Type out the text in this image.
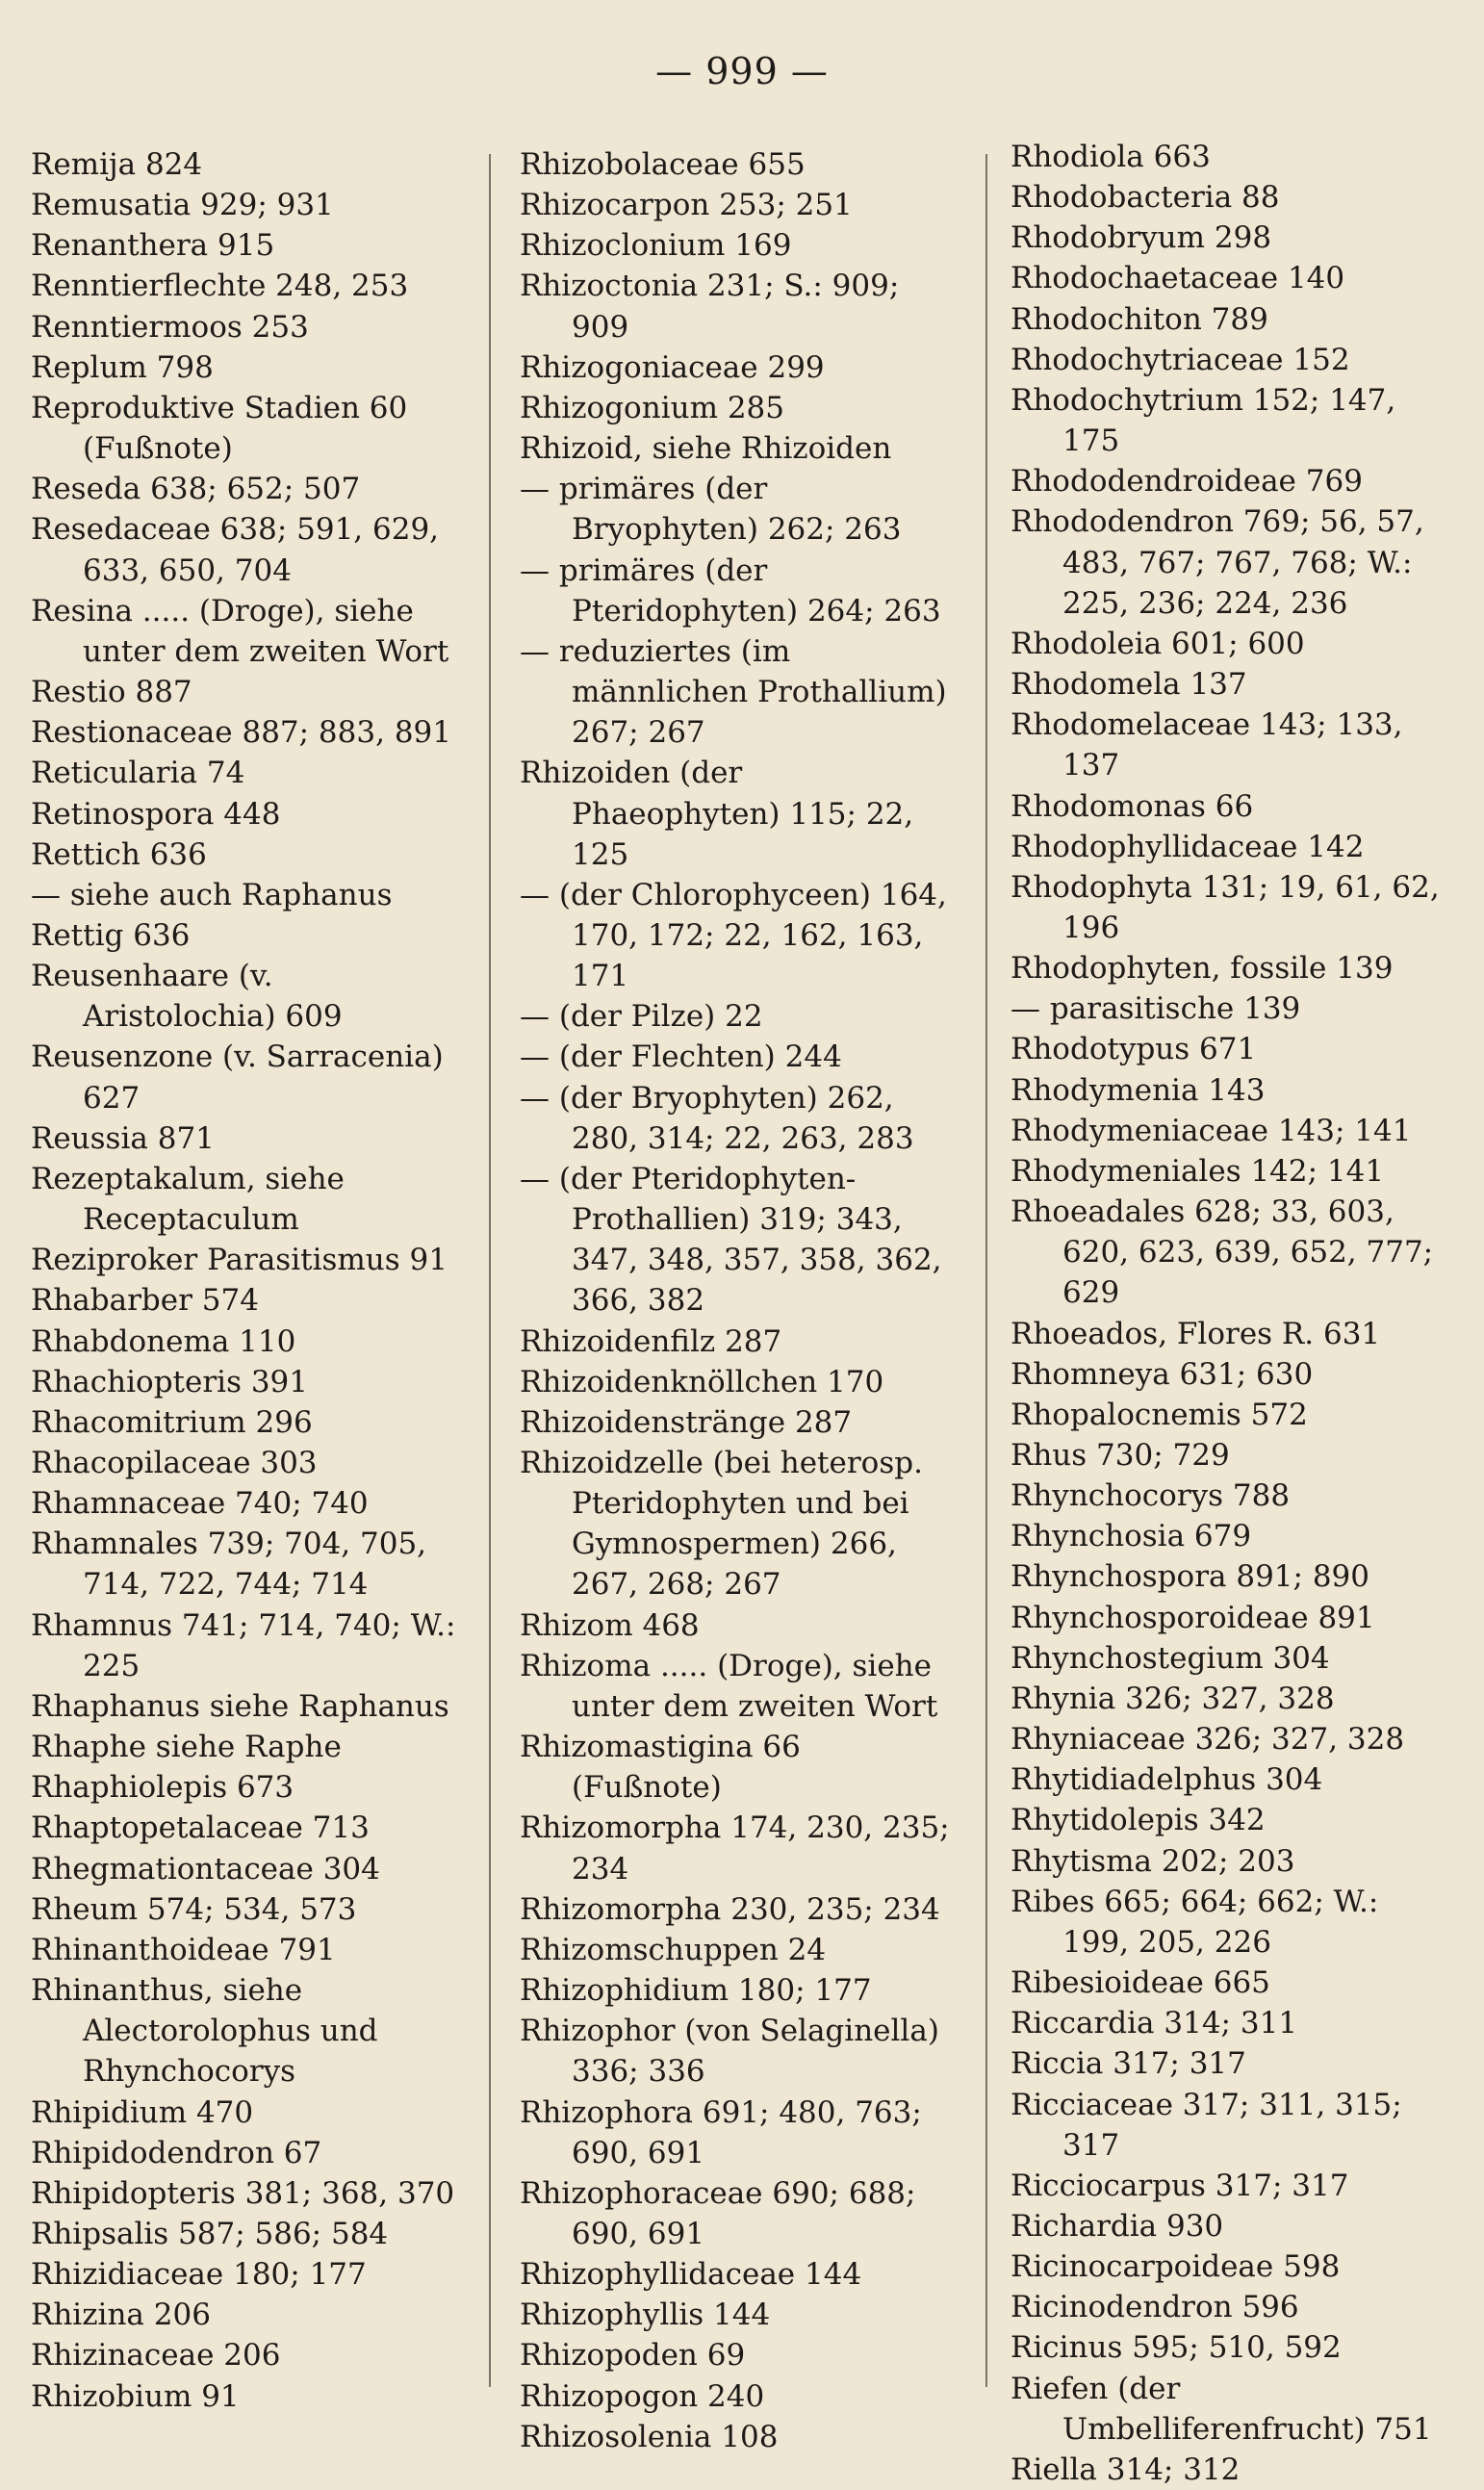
— 999 —
Remija 824
Remusatia 929; 931
Renanthera 915
Renntierflechte 248, 253
Renntiermoos 253
Replum 798
Reproduktive Stadien 60 (Fußnote)
Reseda 638; 652; 507
Resedaceae 638; 591, 629, 633, 650, 704
Resina ..... (Droge), siehe unter dem zweiten Wort
Restio 887
Restionaceae 887; 883, 891
Reticularia 74
Retinospora 448
Rettich 636
— siehe auch Raphanus
Rettig 636
Reusenhaare (v. Aristolochia) 609
Reusenzone (v. Sarracenia) 627
Reussia 871
Rezeptakalum, siehe Receptaculum
Reziproker Parasitismus 91
Rhabarber 574
Rhabdonema 110
Rhachiopteris 391
Rhacomitrium 296
Rhacopilaceae 303
Rhamnaceae 740; 740
Rhamnales 739; 704, 705, 714, 722, 744; 714
Rhamnus 741; 714, 740; W.: 225
Rhaphanus siehe Raphanus
Rhaphe siehe Raphe
Rhaphiolepis 673
Rhaptopetalaceae 713
Rhegmationtaceae 304
Rheum 574; 534, 573
Rhinanthoideae 791
Rhinanthus, siehe Alectorolophus und Rhynchocorys
Rhipidium 470
Rhipidodendron 67
Rhipidopteris 381; 368, 370
Rhipsalis 587; 586; 584
Rhizidiaceae 180; 177
Rhizina 206
Rhizinaceae 206
Rhizobium 91
Rhizobolaceae 655
Rhizocarpon 253; 251
Rhizoclonium 169
Rhizoctonia 231; S.: 909; 909
Rhizogoniaceae 299
Rhizogonium 285
Rhizoid, siehe Rhizoiden
— primäres (der Bryophyten) 262; 263
— primäres (der Pteridophyten) 264; 263
— reduziertes (im männlichen Prothallium) 267; 267
Rhizoiden (der Phaeophyten) 115; 22, 125
— (der Chlorophyceen) 164, 170, 172; 22, 162, 163, 171
— (der Pilze) 22
— (der Flechten) 244
— (der Bryophyten) 262, 280, 314; 22, 263, 283
— (der Pteridophyten-Prothallien) 319; 343, 347, 348, 357, 358, 362, 366, 382
Rhizoidenfilz 287
Rhizoidenknöllchen 170
Rhizoidenstränge 287
Rhizoidzelle (bei heterosp. Pteridophyten und bei Gymnospermen) 266, 267, 268; 267
Rhizom 468
Rhizoma ..... (Droge), siehe unter dem zweiten Wort
Rhizomastigina 66 (Fußnote)
Rhizomorpha 174, 230, 235; 234
Rhizomorpha 230, 235; 234
Rhizomschuppen 24
Rhizophidium 180; 177
Rhizophor (von Selaginella) 336; 336
Rhizophora 691; 480, 763; 690, 691
Rhizophoraceae 690; 688; 690, 691
Rhizophyllidaceae 144
Rhizophyllis 144
Rhizopoden 69
Rhizopogon 240
Rhizosolenia 108
Rhodiola 663
Rhodobacteria 88
Rhodobryum 298
Rhodochaetaceae 140
Rhodochiton 789
Rhodochytriaceae 152
Rhodochytrium 152; 147, 175
Rhododendroideae 769
Rhododendron 769; 56, 57, 483, 767; 767, 768; W.: 225, 236; 224, 236
Rhodoleia 601; 600
Rhodomela 137
Rhodomelaceae 143; 133, 137
Rhodomonas 66
Rhodophyllidaceae 142
Rhodophyta 131; 19, 61, 62, 196
Rhodophyten, fossile 139
— parasitische 139
Rhodotypus 671
Rhodymenia 143
Rhodymeniaceae 143; 141
Rhodymeniales 142; 141
Rhoeadales 628; 33, 603, 620, 623, 639, 652, 777; 629
Rhoeados, Flores R. 631
Rhomneya 631; 630
Rhopalocnemis 572
Rhus 730; 729
Rhynchocorys 788
Rhynchosia 679
Rhynchospora 891; 890
Rhynchosporoideae 891
Rhynchostegium 304
Rhynia 326; 327, 328
Rhyniaceae 326; 327, 328
Rhytidiadelphus 304
Rhytidolepis 342
Rhytisma 202; 203
Ribes 665; 664; 662; W.: 199, 205, 226
Ribesioideae 665
Riccardia 314; 311
Riccia 317; 317
Ricciaceae 317; 311, 315; 317
Ricciocarpus 317; 317
Richardia 930
Ricinocarpoideae 598
Ricinodendron 596
Ricinus 595; 510, 592
Riefen (der Umbelliferenfrucht) 751
Riella 314; 312
